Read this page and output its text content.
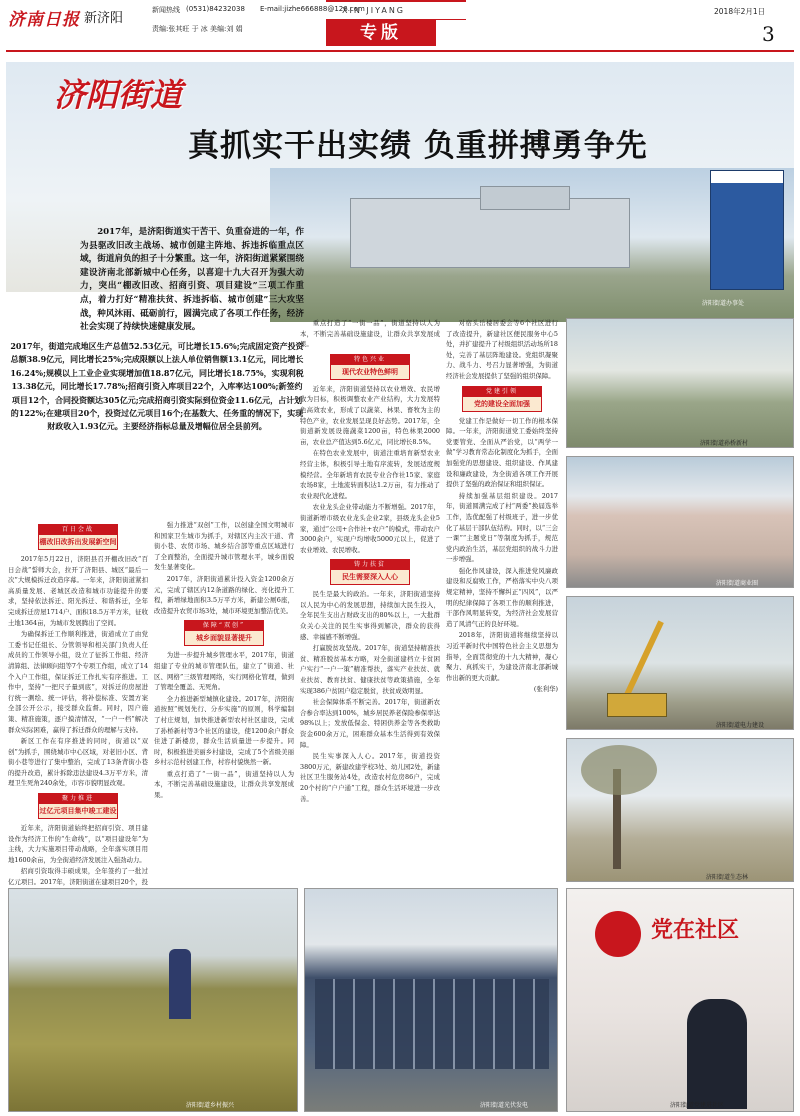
济南日报 新济阳
新闻热线 (0531)84232038 E-mail:jizhe666888@126.com
责编:张其旺 于 冰 美编:刘 娟
XIN JIYANG
专版
2018年2月1日
3
济阳街道办事处
济阳街道
真抓实干出实绩 负重拼搏勇争先

2017年，是济阳街道实干苦干、负重奋进的一年，作为县驱改旧改主战场、城市创建主阵地、拆违拆临重点区域，街道肩负的担子十分繁重。这一年，济阳街道紧紧围绕建设济南北部新城中心任务，以喜迎十九大召开为强大动力，突出“棚改旧改、招商引资、项目建设”三项工作重点，着力打好“精准扶贫、拆违拆临、城市创建”三大攻坚战，种风沐雨、砥砺前行，圆满完成了各项工作任务，经济社会实现了持续快速健康发展。

2017年，街道完成地区生产总值52.53亿元，可比增长15.6%;完成固定资产投资总额38.9亿元，同比增长25%;完成限额以上法人单位销售额13.1亿元，同比增长16.24%;规模以上工业企业实现增加值18.87亿元，同比增长18.75%，实现利税13.38亿元，同比增长17.78%;招商引资入库项目22个，入库率达100%;新签约项目12个，合同投资额达305亿元;完成招商引资实际到位资金11.6亿元，占计划的122%;在建项目20个，投资过亿元项目16个;在基数大、任务重的情况下，实现财政收入1.93亿元。主要经济指标总量及增幅位居全县前列。

百日会战
棚改旧改拆出发展新空间

2017年5月22日，济阳县召开棚改旧改“百日会战”誓师大会，拉开了济阳县、城区“最后一次”大规模拆迁改造序幕。一年来，济阳街道紧扣高质量发展、老城区改造和城市功能提升的要求，坚持依法拆迁、阳光拆迁、和谐拆迁，全年完成拆迁房屋1714户、面积18.5万平方米，征收土地1364亩，为城市发展腾出了空间。

为确保拆迁工作顺利推进，街道成立了由党工委书记任组长、分管领导和相关部门负责人任成员的工作领导小组，设立了征拆工作组、经济清算组、法律顾问组等7个专项工作组，成立了14个入户工作组，保证拆迁工作扎实有序推进。工作中，坚持“一把尺子量到底”，对拆迁的房屋进行统一测绘、统一评估，将补偿标准、安置方案全部公开公示，接受群众监督。同时，因户施策、精准施策，逐户摸清情况，“一户一档”解决群众实际困难，赢得了拆迁群众的理解与支持。

新区工作在有序推进的同时，街道以“双创”为抓手，围绕城市中心区域，对老旧小区、背街小巷等进行了集中整治，完成了13条背街小巷的提升改造，累计拆除违法建设4.3万平方米，清理卫生死角240余处，市容市貌明显改观。

聚力推进
过亿元项目集中竣工建设

近年来，济阳街道始终把招商引资、项目建设作为经济工作的“生命线”，以“项目建设年”为主线，大力实施项目带动战略，全年落实项目用地1600余亩，为全街道经济发展注入强劲动力。

招商引资取得丰硕成果，全年签约了一批过亿元项目。2017年，济阳街道在建项目20个，投

强力推进“双创”工作，以创建全国文明城市和国家卫生城市为抓手，对辖区内主次干道、背街小巷、农贸市场、城乡结合部等重点区域进行了全面整治，全面提升城市管理水平，城乡面貌发生显著变化。

2017年，济阳街道累计投入资金1200余万元，完成了辖区内12条道路的绿化、亮化提升工程，新增绿地面积3.5万平方米，新建公厕6座，改造提升农贸市场3处，城市环境更加整洁优美。

保障“双创”
城乡面貌显著提升

为进一步提升城乡管理水平，2017年，街道组建了专业的城市管理队伍，建立了“街道、社区、网格”三级管理网络，实行网格化管理，做到了管理全覆盖、无死角。

全力推进新型城镇化建设。2017年，济阳街道按照“规划先行、分步实施”的原则，科学编制了村庄规划，加快推进新型农村社区建设，完成了孙桥新村等3个社区的建设，使1200余户群众住进了新楼房，群众生活质量进一步提升。同时，积极推进美丽乡村建设，完成了5个省级美丽乡村示范村创建工作，村容村貌焕然一新。

重点打造了“一街一品”，街道坚持以人为本，不断完善基础设施建设，让群众共享发展成果。

重点打造了“一街一品”，街道坚持以人为本，不断完善基础设施建设，让群众共享发展成果。

特色兴业
现代农业特色鲜明

近年来，济阳街道坚持以农业增效、农民增收为目标，积极调整农业产业结构，大力发展特色高效农业，形成了以蔬菜、林果、畜牧为主的特色产业，农业发展呈现良好态势。2017年，全街道新发展设施蔬菜1200亩，特色林果2000亩，农业总产值达到5.6亿元，同比增长8.5%。

在特色农业发展中，街道注重培育新型农业经营主体，积极引导土地有序流转，发展适度规模经营。全年新培育农民专业合作社15家、家庭农场8家，土地流转面积达1.2万亩，有力推动了农业现代化进程。

农业龙头企业带动能力不断增强。2017年，街道新增市级农业龙头企业2家，县级龙头企业5家，通过“公司+合作社+农户”的模式，带动农户3000余户，实现户均增收5000元以上，促进了农业增效、农民增收。

铸力扶贫
民生需要深入人心

民生是最大的政治。一年来，济阳街道坚持以人民为中心的发展思想，持续加大民生投入，全年民生支出占财政支出的80%以上，一大批群众关心关注的民生实事得到解决，群众的获得感、幸福感不断增强。

打赢脱贫攻坚战。2017年，街道坚持精准扶贫、精准脱贫基本方略，对全街道建档立卡贫困户实行“一户一策”精准帮扶，落实产业扶贫、就业扶贫、教育扶贫、健康扶贫等政策措施，全年实现386户贫困户稳定脱贫，扶贫成效明显。

社会保障体系不断完善。2017年，街道新农合参合率达到100%，城乡居民养老保险参保率达98%以上；发放低保金、特困供养金等各类救助资金600余万元，困难群众基本生活得到有效保障。

民生实事深入人心。2017年，街道投资3800万元，新建改建学校3处、幼儿园2处，新建社区卫生服务站4处，改造农村危房86户，完成20个村的“户户通”工程，群众生活环境进一步改善。

对宿头岳楼居委会等6个社区进行了改造提升，新建社区便民服务中心5处，并扩建提升了村级组织活动场所18处，完善了基层阵地建设。党组织凝聚力、战斗力、号召力显著增强，为街道经济社会发展提供了坚强的组织保障。

党建引领
党的建设全面加强

党建工作是做好一切工作的根本保障。一年来，济阳街道党工委始终坚持党要管党、全面从严治党，以“两学一做”学习教育常态化制度化为抓手，全面加强党的思想建设、组织建设、作风建设和廉政建设，为全街道各项工作开展提供了坚强的政治保证和组织保证。

持续加强基层组织建设。2017年，街道圆满完成了村“两委”换届选举工作，选优配强了村级班子，进一步优化了基层干部队伍结构。同时，以“三会一课”“主题党日”等制度为抓手，规范党内政治生活，基层党组织的战斗力进一步增强。

强化作风建设，深入推进党风廉政建设和反腐败工作，严格落实中央八项规定精神，坚持不懈纠正“四风”，以严明的纪律保障了各项工作的顺利推进，干部作风明显转变，为经济社会发展营造了风清气正的良好环境。

2018年，济阳街道将继续坚持以习近平新时代中国特色社会主义思想为指导，全面贯彻党的十九大精神，凝心聚力、真抓实干，为建设济南北部新城作出新的更大贡献。

(张利华)

济阳街道孙桥新村
济阳街道商业圈
济阳街道电力建设
济阳街道生态林
济阳街道乡村振兴	济阳街道光伏发电
党在社区
济阳街道党建进社区
